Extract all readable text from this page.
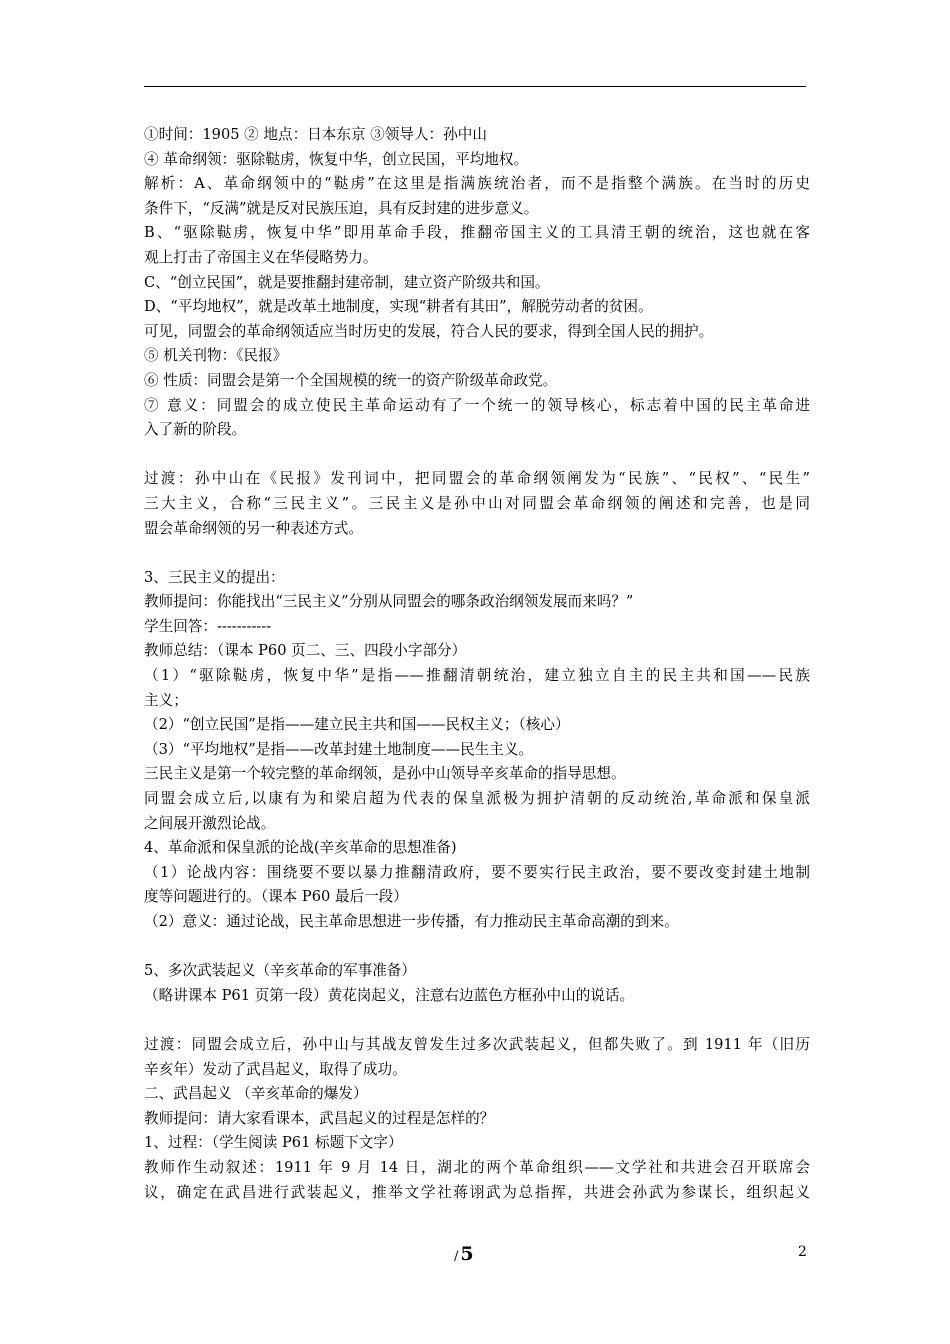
①时间：1905 ② 地点：日本东京 ③领导人：孙中山
④ 革命纲领：驱除鞑虏，恢复中华，创立民国，平均地权。
解析：A、革命纲领中的“鞑虏”在这里是指满族统治者，而不是指整个满族。在当时的历史
条件下，“反满”就是反对民族压迫，具有反封建的进步意义。
B、“驱除鞑虏，恢复中华”即用革命手段，推翻帝国主义的工具清王朝的统治，这也就在客
观上打击了帝国主义在华侵略势力。
C、“创立民国”，就是要推翻封建帝制，建立资产阶级共和国。
D、“平均地权”，就是改革土地制度，实现“耕者有其田”，解脱劳动者的贫困。
可见，同盟会的革命纲领适应当时历史的发展，符合人民的要求，得到全国人民的拥护。
⑤ 机关刊物：《民报》
⑥ 性质：同盟会是第一个全国规模的统一的资产阶级革命政党。
⑦ 意义：同盟会的成立使民主革命运动有了一个统一的领导核心，标志着中国的民主革命进
入了新的阶段。
过渡：孙中山在《民报》发刊词中，把同盟会的革命纲领阐发为“民族”、“民权”、“民生”
三大主义，合称“三民主义”。三民主义是孙中山对同盟会革命纲领的阐述和完善，也是同
盟会革命纲领的另一种表述方式。
3、三民主义的提出：
教师提问：你能找出“三民主义”分别从同盟会的哪条政治纲领发展而来吗？”
学生回答：-----------
教师总结：（课本 P60 页二、三、四段小字部分）
（1）“驱除鞑虏，恢复中华”是指——推翻清朝统治，建立独立自主的民主共和国——民族
主义；
（2）“创立民国”是指——建立民主共和国——民权主义；（核心）
（3）“平均地权”是指——改革封建土地制度——民生主义。
三民主义是第一个较完整的革命纲领，是孙中山领导辛亥革命的指导思想。
同盟会成立后,以康有为和梁启超为代表的保皇派极为拥护清朝的反动统治,革命派和保皇派
之间展开激烈论战。
4、革命派和保皇派的论战(辛亥革命的思想准备)
（1）论战内容：围绕要不要以暴力推翻清政府，要不要实行民主政治，要不要改变封建土地制
度等问题进行的。（课本 P60 最后一段）
（2）意义：通过论战，民主革命思想进一步传播，有力推动民主革命高潮的到来。
5、多次武装起义（辛亥革命的军事准备）
（略讲课本 P61 页第一段）黄花岗起义，注意右边蓝色方框孙中山的说话。
过渡：同盟会成立后，孙中山与其战友曾发生过多次武装起义，但都失败了。到 1911 年（旧历
辛亥年）发动了武昌起义，取得了成功。
二、武昌起义 （辛亥革命的爆发）
教师提问：请大家看课本，武昌起义的过程是怎样的？
1、过程：（学生阅读 P61 标题下文字）
教师作生动叙述：1911 年 9 月 14 日，湖北的两个革命组织——文学社和共进会召开联席会
议，确定在武昌进行武装起义，推举文学社蒋诩武为总指挥，共进会孙武为参谋长，组织起义
/ 5	2
